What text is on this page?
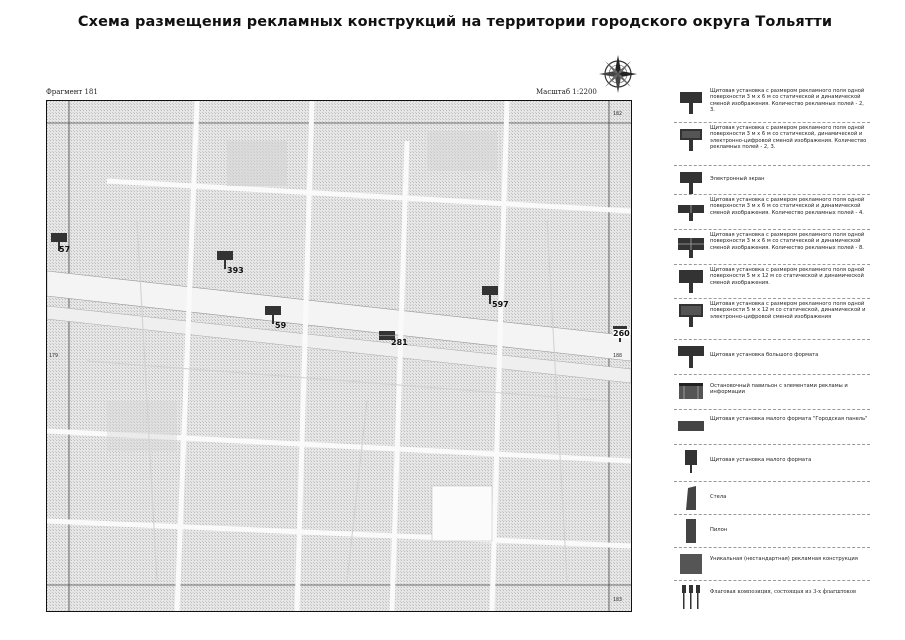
Схема размещения рекламных конструкций на территории городского округа Тольятти
Фрагмент 181	Масштаб 1:2200
182
183
179	188
57
393
59
597
281
260
Щитовая установка с размером рекламного поля одной поверхности 3 м х 6 м со статической и динамической сменой изображения. Количество рекламных полей - 2, 3.
Щитовая установка с размером рекламного поля одной поверхности 3 м х 6 м со статической, динамической и электронно-цифровой сменой изображения. Количество рекламных полей - 2, 3.
Электронный экран
Щитовая установка с размером рекламного поля одной поверхности 3 м х 6 м со статической и динамической сменой изображения. Количество рекламных полей - 4.
Щитовая установка с размером рекламного поля одной поверхности 3 м х 6 м со статической и динамической сменой изображения. Количество рекламных полей - 8.
Щитовая установка с размером рекламного поля одной поверхности 5 м х 12 м со статической и динамической сменой изображения.
Щитовая установка с размером рекламного поля одной поверхности 5 м х 12 м со статической, динамической и электронно-цифровой сменой изображения
Щитовая установка большого формата
Остановочный павильон с элементами рекламы и информации
Щитовая установка малого формата "Городская панель"
Щитовая установка малого формата
Стела
Пилон
Уникальная (нестандартная) рекламная конструкция
Флаговая композиция, состоящая из 3-х флагштоков
